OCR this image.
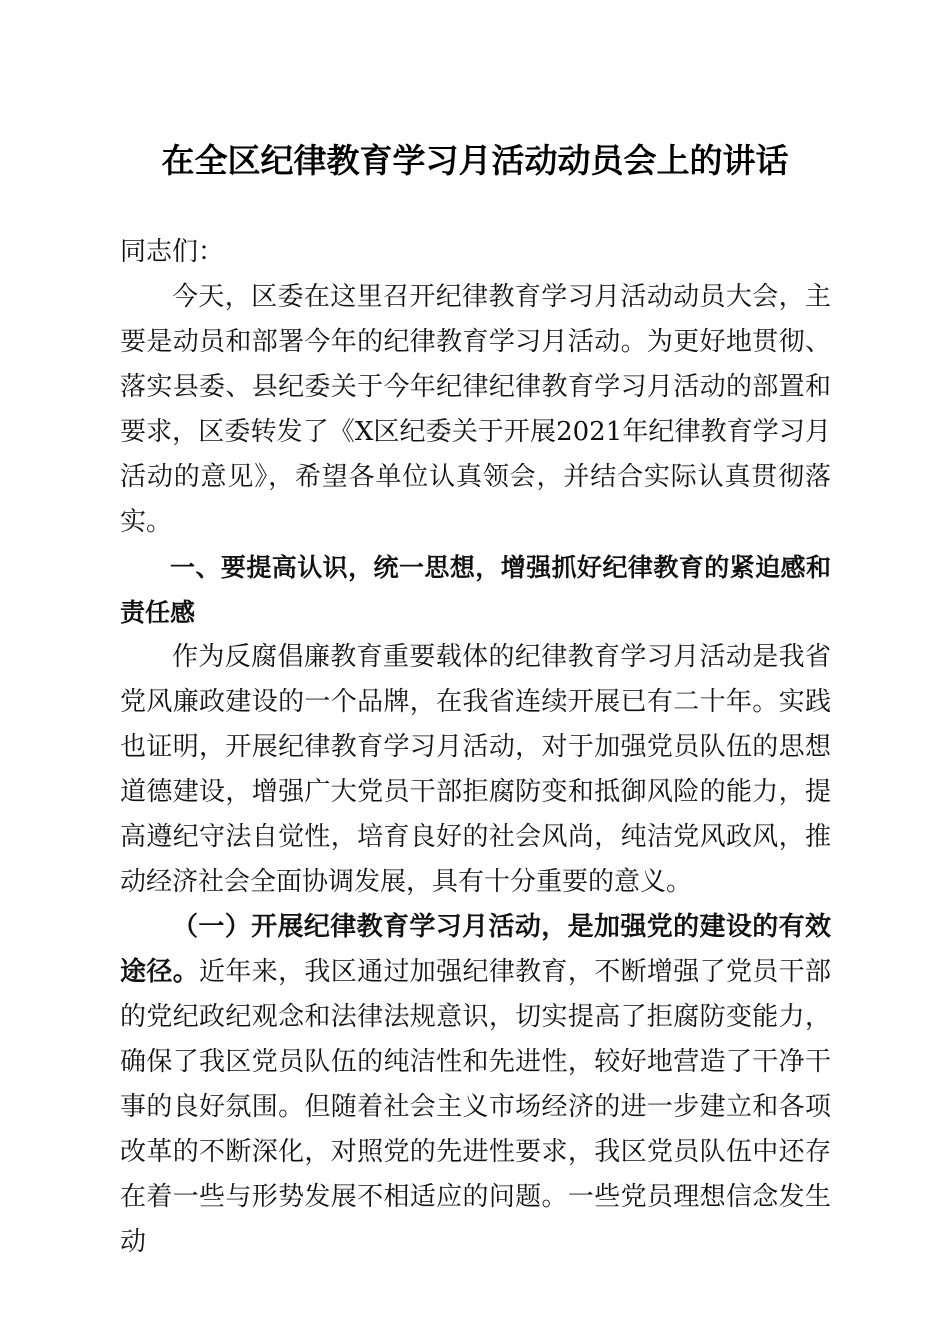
在全区纪律教育学习月活动动员会上的讲话

同志们：

今天，区委在这里召开纪律教育学习月活动动员大会，主要是动员和部署今年的纪律教育学习月活动。为更好地贯彻、落实县委、县纪委关于今年纪律纪律教育学习月活动的部置和要求，区委转发了《X区纪委关于开展2021年纪律教育学习月活动的意见》，希望各单位认真领会，并结合实际认真贯彻落实。

一、要提高认识，统一思想，增强抓好纪律教育的紧迫感和责任感

作为反腐倡廉教育重要载体的纪律教育学习月活动是我省党风廉政建设的一个品牌，在我省连续开展已有二十年。实践也证明，开展纪律教育学习月活动，对于加强党员队伍的思想道德建设，增强广大党员干部拒腐防变和抵御风险的能力，提高遵纪守法自觉性，培育良好的社会风尚，纯洁党风政风，推动经济社会全面协调发展，具有十分重要的意义。

（一）开展纪律教育学习月活动，是加强党的建设的有效途径。近年来，我区通过加强纪律教育，不断增强了党员干部的党纪政纪观念和法律法规意识，切实提高了拒腐防变能力，确保了我区党员队伍的纯洁性和先进性，较好地营造了干净干事的良好氛围。但随着社会主义市场经济的进一步建立和各项改革的不断深化，对照党的先进性要求，我区党员队伍中还存在着一些与形势发展不相适应的问题。一些党员理想信念发生动
